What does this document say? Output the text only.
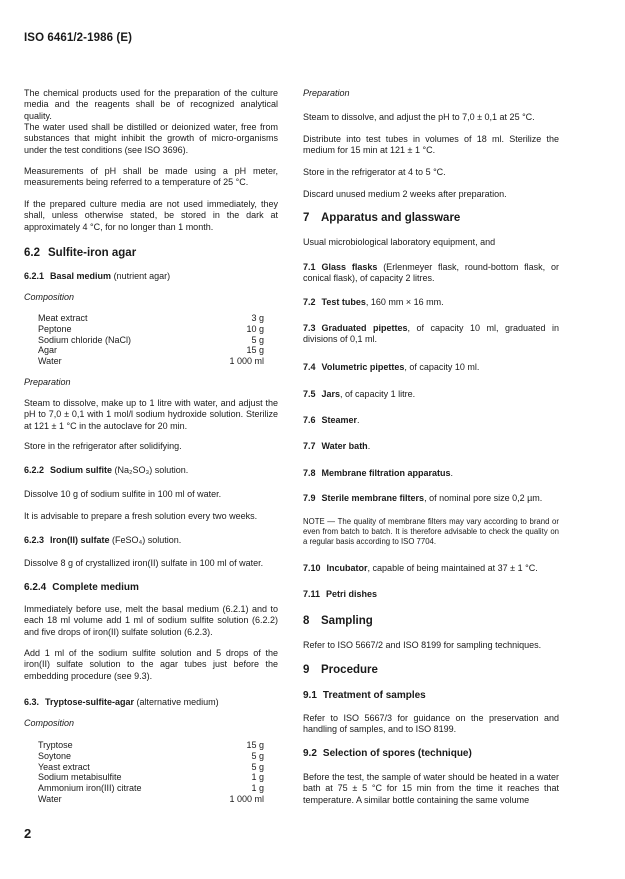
ISO 6461/2-1986 (E)

The chemical products used for the preparation of the culture media and the reagents shall be of recognized analytical quality.

The water used shall be distilled or deionized water, free from substances that might inhibit the growth of micro-organisms under the test conditions (see ISO 3696).

Measurements of pH shall be made using a pH meter, measurements being referred to a temperature of 25 °C.

If the prepared culture media are not used immediately, they shall, unless otherwise stated, be stored in the dark at approximately 4 °C, for no longer than 1 month.

6.2 Sulfite-iron agar
6.2.1 Basal medium (nutrient agar)

Composition

Meat extract	3 g
Peptone	10 g
Sodium chloride (NaCl)	5 g
Agar	15 g
Water	1 000 ml

Preparation

Steam to dissolve, make up to 1 litre with water, and adjust the pH to 7,0 ± 0,1 with 1 mol/l sodium hydroxide solution. Sterilize at 121 ± 1 °C in the autoclave for 20 min.

Store in the refrigerator after solidifying.

6.2.2 Sodium sulfite (Na₂SO₃) solution.

Dissolve 10 g of sodium sulfite in 100 ml of water.

It is advisable to prepare a fresh solution every two weeks.

6.2.3 Iron(II) sulfate (FeSO₄) solution.

Dissolve 8 g of crystallized iron(II) sulfate in 100 ml of water.

6.2.4 Complete medium

Immediately before use, melt the basal medium (6.2.1) and to each 18 ml volume add 1 ml of sodium sulfite solution (6.2.2) and five drops of iron(II) sulfate solution (6.2.3).

Add 1 ml of the sodium sulfite solution and 5 drops of the iron(II) sulfate solution to the agar tubes just before the embedding procedure (see 9.3).

6.3. Tryptose-sulfite-agar (alternative medium)

Composition

Tryptose	15 g
Soytone	5 g
Yeast extract	5 g
Sodium metabisulfite	1 g
Ammonium iron(III) citrate	1 g
Water	1 000 ml

Preparation

Steam to dissolve, and adjust the pH to 7,0 ± 0,1 at 25 °C.

Distribute into test tubes in volumes of 18 ml. Sterilize the medium for 15 min at 121 ± 1 °C.

Store in the refrigerator at 4 to 5 °C.

Discard unused medium 2 weeks after preparation.

7 Apparatus and glassware

Usual microbiological laboratory equipment, and

7.1 Glass flasks (Erlenmeyer flask, round-bottom flask, or conical flask), of capacity 2 litres.

7.2 Test tubes, 160 mm × 16 mm.

7.3 Graduated pipettes, of capacity 10 ml, graduated in divisions of 0,1 ml.

7.4 Volumetric pipettes, of capacity 10 ml.

7.5 Jars, of capacity 1 litre.

7.6 Steamer.

7.7 Water bath.

7.8 Membrane filtration apparatus.

7.9 Sterile membrane filters, of nominal pore size 0,2 µm.

NOTE — The quality of membrane filters may vary according to brand or even from batch to batch. It is therefore advisable to check the quality on a regular basis according to ISO 7704.

7.10 Incubator, capable of being maintained at 37 ± 1 °C.

7.11 Petri dishes

8 Sampling

Refer to ISO 5667/2 and ISO 8199 for sampling techniques.

9 Procedure
9.1 Treatment of samples

Refer to ISO 5667/3 for guidance on the preservation and handling of samples, and to ISO 8199.

9.2 Selection of spores (technique)

Before the test, the sample of water should be heated in a water bath at 75 ± 5 °C for 15 min from the time it reaches that temperature. A similar bottle containing the same volume

2
